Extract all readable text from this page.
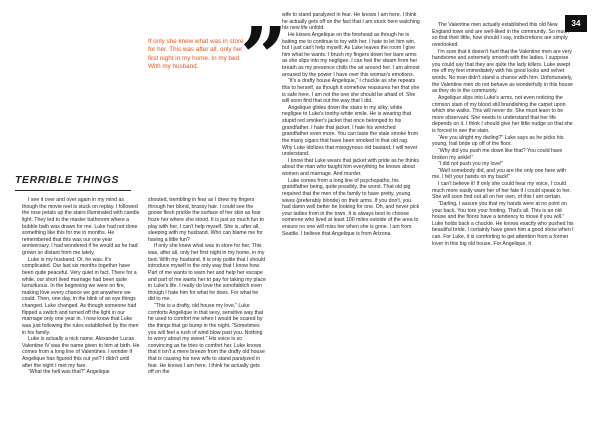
34
If only she knew what was in store for her. This was after all, only her first night in my home. In my bed. With my husband. ”
TERRIBLE THINGS

I see it over and over again in my mind as though the movie reel is stuck on replay. I followed the rose petals up the stairs illuminated with candle light. They led to the master bathroom where a bubble bath was drawn for me. Luke had not done something like this for me in months. He remembered that this was our one year anniversary. I had wondered if he would as he had grown so distant from me lately.

Luke is my husband. Or, he was. It's complicated. Our last six months together have been quite peaceful. Very quiet in fact. There for a while, our short lived marriage had been quite tumultuous. In the beginning we were on fire, making love every chance we got anywhere we could. Then, one day, in the blink of an eye things changed. Luke changed. As though someone had flipped a switch and turned off the light in our marriage only one year in. I now know that Luke was just following the rules established by the men in his family.

Luke is actually a nick name. Alexander Lucas Valentine IV was the name given to him at birth. He comes from a long line of Valentines. I wonder if Angelique has figured this out yet? I didn't until after the night I met my fare.

“What the hell was that?” Angelique

shouted, trembling in fear as I drew my fingers through her blond, brassy hair. I could see the goose flesh prickle the surface of her skin as fear froze her where she stood. It is just so much fun to play with her, I can't help myself. She is, after all, sleeping with my husband. Who can blame me for having a little fun?

If only she knew what was in store for her. This was, after all, only her first night in my home, in my bed. With my husband. It is only polite that I should introduce myself in the only way that I know how. Part of me wants to warn her and help her escape and part of me wants her to pay for taking my place in Luke's life. I really do love the sonofabitch even though I hate him for what he does. For what he did to me.

“This is a drafty, old house my love,” Luke comforts Angelique in that sexy, sensitive way that he used to comfort me when I would be scared by the things that go bump in the night. “Sometimes you will feel a rush of wind blow past you. Nothing to worry about my sweet.” His voice is so convincing as he tries to comfort her. Luke knows that it isn't a mere breeze from the drafty old house that is causing his new wife to stand paralyzed in fear. He knows I am here. I think he actually gets off on the

wife to stand paralyzed in fear. He knows I am here. I think he actually gets off on the fact that I am stuck here watching his new life unfold.

He kisses Angelique on the forehead as though he is baiting me to continue to toy with her. I hate to let him win, but I just can't help myself. As Luke leaves the room I give him what he wants. I brush my fingers down her bare arms as she slips into my negligee. I can feel the steam from her breath as my presence chills the air around her. I am almost aroused by the power I have over this woman's emotions.

“It's a drafty house Angelique,” I chuckle as she repeats this to herself, as though it somehow reassures her that she is safe here. I am not the one she should be afraid of. She will soon find that out the way that I did.

Angelique glides down the stairs in my silky, white negligee to Luke's toothy-white smile. He is wearing that stupid red smoker's jacket that once belonged to his grandfather. I hate that jacket. I hate his wretched grandfather even more. You can taste the stale smoke from the many cigars that have been smoked in that old rag. Why Luke idolizes that misogynous old bastard, I will never understand.

I know that Luke wears that jacket with pride as he thinks about the man who taught him everything he knows about women and marriage. And murder.

Luke comes from a long line of psychopaths, his grandfather being, quite possibly, the worst. That old pig required that the men of the family to have pretty, young wives (preferably blonde) on their arms. If you don't, you had damn well better be looking for one. Oh, and never pick your ladies from in the town. It is always best to choose someone who lived at least 100 miles outside of the area to ensure no one will miss her when she is gone. I am from Seattle. I believe that Angelique is from Arizona.

The Valentine men actually established this old New England town and are well-liked in the community. So much so that their little, how should I say, indiscretions are simply overlooked.

I'm sure that it doesn't hurt that the Valentine men are very handsome and extremely smooth with the ladies. I suppose you could say that they are quite the lady killers. Luke swept me off my feet immediately with his good looks and velvet words. No man didn't stand a chance with him. Unfortunately, the Valentine men do not behave as wonderfully in this house as they do in the community.

Angelique slips into Luke's arms, not even noticing the crimson stain of my blood still brandishing the carpet upon which she walks. This will never do. She must learn to be more observant. She needs to understand that her life depends on it. I think I should give her little nudge so that she is forced to see the stain.

“Are you alright my darling?” Luke says as he picks his young, frail bride up off of the floor.

“Why did you push me down like that? You could have broken my ankle!”

“I did not push you my love!”

“Well somebody did, and you are the only one here with me. I felt your hands on my back!”

I can't believe it! If only she could hear my voice, I could much more easily warn her of her fate if I could speak to her. She will soon find out all on her own, of this I am certain.

“Darling, I assure you that my hands were at no point on your back. You tore your footing. That's all. This is an old house and the floors have a tendency to move if you will.” Luke holds back a chuckle. He knows exactly who pushed his beautiful bride. I certainly have given him a good show when I can. For Luke, it is comforting to get attention from a former lover in this big old house. For Angelique, it
